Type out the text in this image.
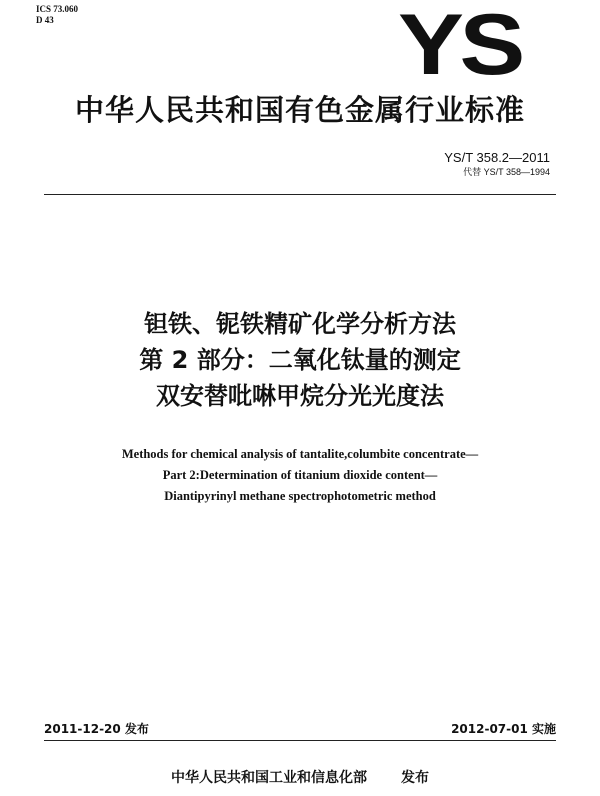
ICS 73.060
D 43	YS
中华人民共和国有色金属行业标准
YS/T 358.2—2011
代替 YS/T 358—1994
钽铁、铌铁精矿化学分析方法
第 2 部分：二氧化钛量的测定
双安替吡啉甲烷分光光度法
Methods for chemical analysis of tantalite,columbite concentrate—
Part 2:Determination of titanium dioxide content—
Diantipyrinyl methane spectrophotometric method
2011-12-20 发布	2012-07-01 实施
中华人民共和国工业和信息化部 发布
